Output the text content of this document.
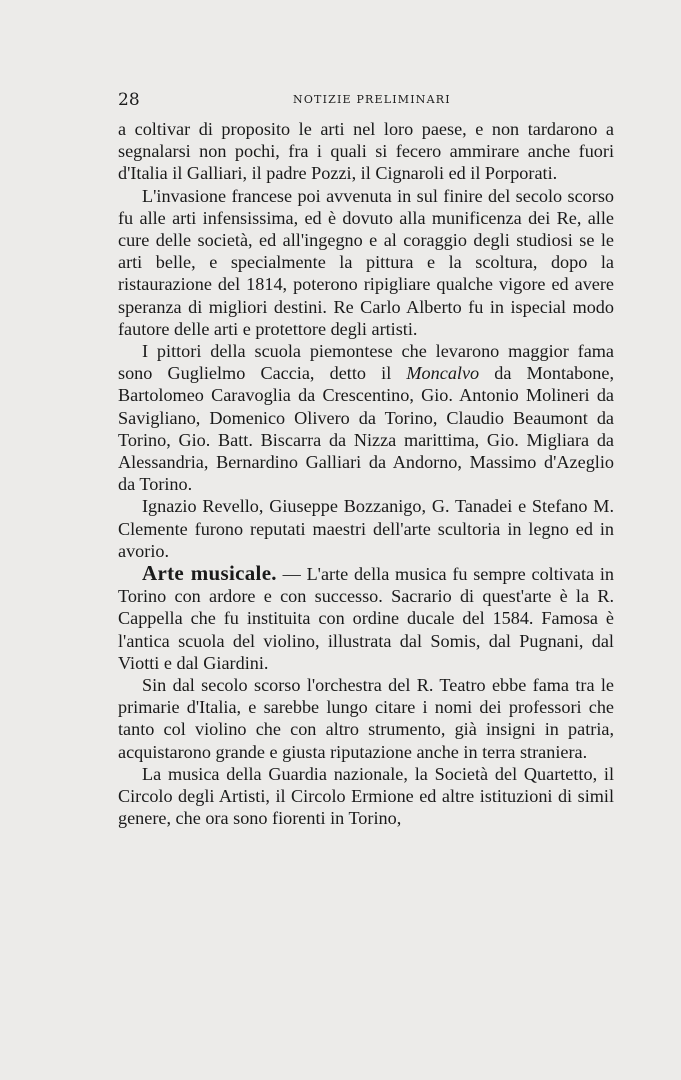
28	NOTIZIE PRELIMINARI

a coltivar di proposito le arti nel loro paese, e non tardarono a segnalarsi non pochi, fra i quali si fecero ammirare anche fuori d'Italia il Galliari, il padre Pozzi, il Cignaroli ed il Porporati.

L'invasione francese poi avvenuta in sul finire del secolo scorso fu alle arti infensissima, ed è dovuto alla munificenza dei Re, alle cure delle società, ed all'ingegno e al coraggio degli studiosi se le arti belle, e specialmente la pittura e la scoltura, dopo la ristaurazione del 1814, poterono ripigliare qualche vigore ed avere speranza di migliori destini. Re Carlo Alberto fu in ispecial modo fautore delle arti e protettore degli artisti.

I pittori della scuola piemontese che levarono maggior fama sono Guglielmo Caccia, detto il Moncalvo da Montabone, Bartolomeo Caravoglia da Crescentino, Gio. Antonio Molineri da Savigliano, Domenico Olivero da Torino, Claudio Beaumont da Torino, Gio. Batt. Biscarra da Nizza marittima, Gio. Migliara da Alessandria, Bernardino Galliari da Andorno, Massimo d'Azeglio da Torino.

Ignazio Revello, Giuseppe Bozzanigo, G. Tanadei e Stefano M. Clemente furono reputati maestri dell'arte scultoria in legno ed in avorio.

Arte musicale. — L'arte della musica fu sempre coltivata in Torino con ardore e con successo. Sacrario di quest'arte è la R. Cappella che fu instituita con ordine ducale del 1584. Famosa è l'antica scuola del violino, illustrata dal Somis, dal Pugnani, dal Viotti e dal Giardini.

Sin dal secolo scorso l'orchestra del R. Teatro ebbe fama tra le primarie d'Italia, e sarebbe lungo citare i nomi dei professori che tanto col violino che con altro strumento, già insigni in patria, acquistarono grande e giusta riputazione anche in terra straniera.

La musica della Guardia nazionale, la Società del Quartetto, il Circolo degli Artisti, il Circolo Ermione ed altre istituzioni di simil genere, che ora sono fiorenti in Torino,
